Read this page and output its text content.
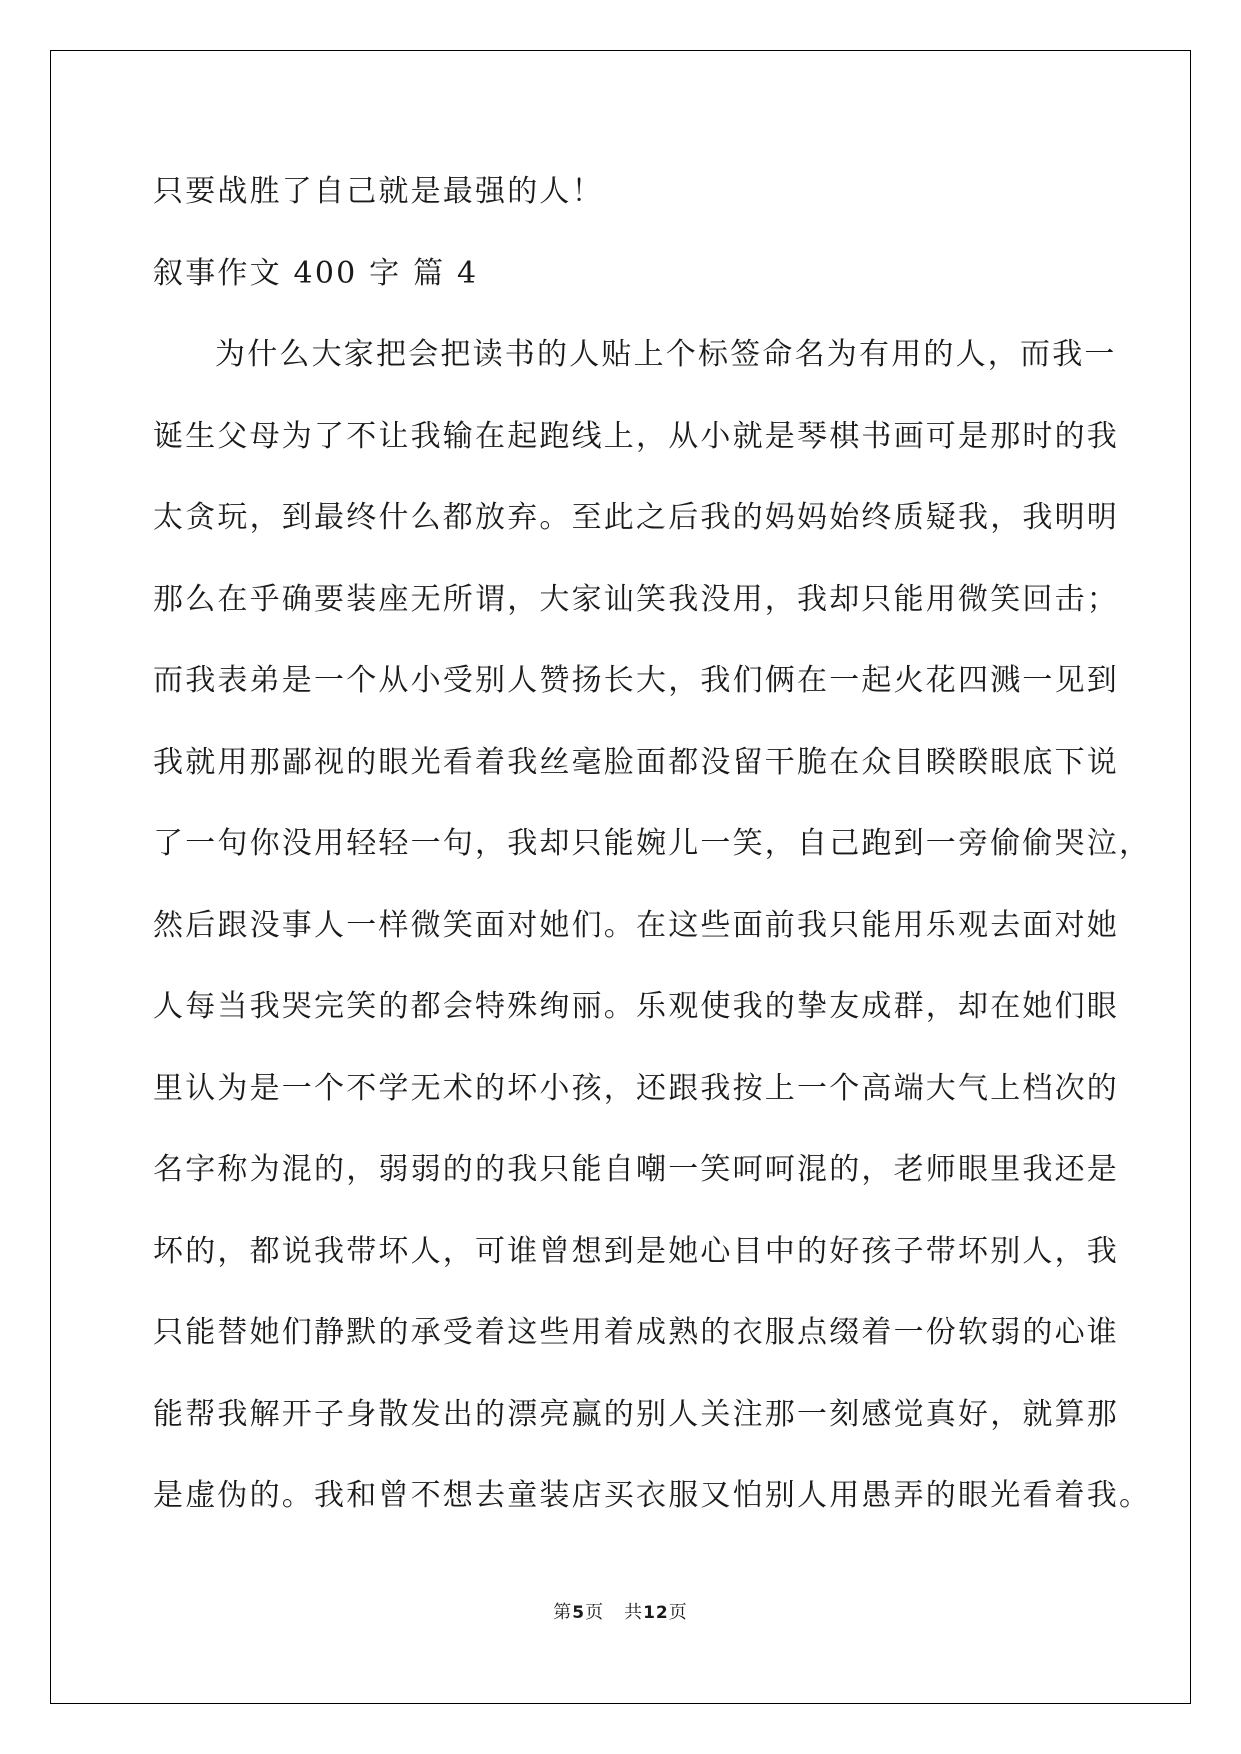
只要战胜了自己就是最强的人！
叙事作文 400 字 篇 4
为什么大家把会把读书的人贴上个标签命名为有用的人，而我一
诞生父母为了不让我输在起跑线上，从小就是琴棋书画可是那时的我
太贪玩，到最终什么都放弃。至此之后我的妈妈始终质疑我，我明明
那么在乎确要装座无所谓，大家讪笑我没用，我却只能用微笑回击；
而我表弟是一个从小受别人赞扬长大，我们俩在一起火花四溅一见到
我就用那鄙视的眼光看着我丝毫脸面都没留干脆在众目睽睽眼底下说
了一句你没用轻轻一句，我却只能婉儿一笑，自己跑到一旁偷偷哭泣，
然后跟没事人一样微笑面对她们。在这些面前我只能用乐观去面对她
人每当我哭完笑的都会特殊绚丽。乐观使我的挚友成群，却在她们眼
里认为是一个不学无术的坏小孩，还跟我按上一个高端大气上档次的
名字称为混的，弱弱的的我只能自嘲一笑呵呵混的，老师眼里我还是
坏的，都说我带坏人，可谁曾想到是她心目中的好孩子带坏别人，我
只能替她们静默的承受着这些用着成熟的衣服点缀着一份软弱的心谁
能帮我解开子身散发出的漂亮赢的别人关注那一刻感觉真好，就算那
是虚伪的。我和曾不想去童装店买衣服又怕别人用愚弄的眼光看着我。
第5页 共12页
